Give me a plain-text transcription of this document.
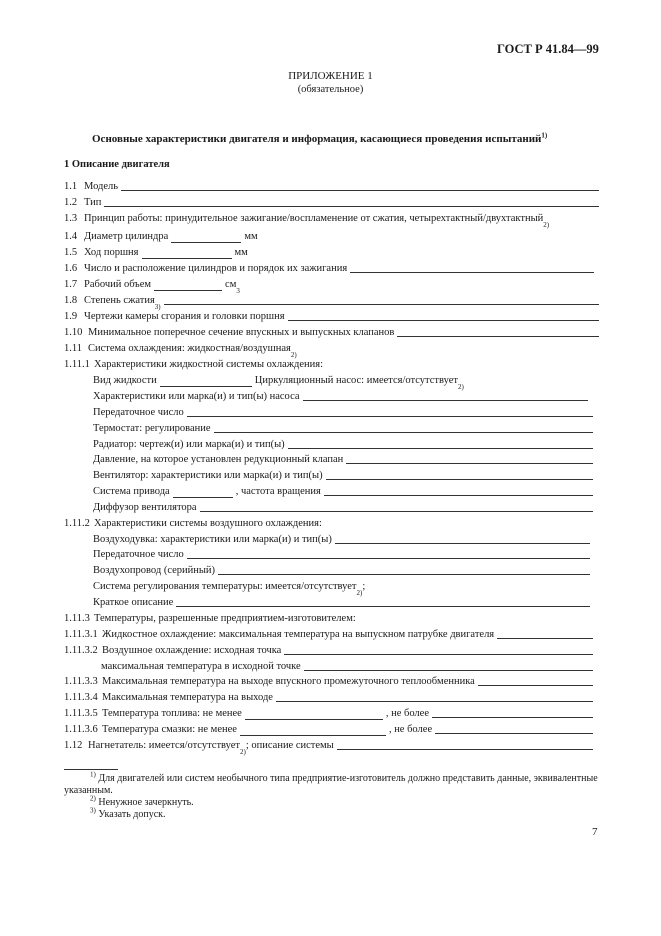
ГОСТ Р 41.84—99
ПРИЛОЖЕНИЕ 1
(обязательное)
Основные характеристики двигателя и информация, касающиеся проведения испытаний$^{1)}$
1 Описание двигателя
1.1 Модель
1.2 Тип
1.3 Принцип работы: принудительное зажигание/воспламенение от сжатия, четырехтактный/двухтактный
2)
1.4 Диаметр цилиндра	мм
1.5 Ход поршня	мм
1.6 Число и расположение цилиндров и порядок их зажигания
1.7 Рабочий объем	см
3
1.8 Степень сжатия
3)
1.9 Чертежи камеры сгорания и головки поршня
1.10 Минимальное поперечное сечение впускных и выпускных клапанов
1.11 Система охлаждения: жидкостная/воздушная
2)
1.11.1 Характеристики жидкостной системы охлаждения:
Вид жидкости	Циркуляционный насос: имеется/отсутствует
2)
Характеристики или марка(и) и тип(ы) насоса
Передаточное число
Термостат: регулирование
Радиатор: чертеж(и) или марка(и) и тип(ы)
Давление, на которое установлен редукционный клапан
Вентилятор: характеристики или марка(и) и тип(ы)
Система привода	, частота вращения
Диффузор вентилятора
1.11.2 Характеристики системы воздушного охлаждения:
Воздуходувка: характеристики или марка(и) и тип(ы)
Передаточное число
Воздухопровод (серийный)
Система регулирования температуры: имеется/отсутствует
2)
;
Краткое описание
1.11.3 Температуры, разрешенные предприятием-изготовителем:
1.11.3.1 Жидкостное охлаждение: максимальная температура на выпускном патрубке двигателя
1.11.3.2 Воздушное охлаждение: исходная точка
максимальная температура в исходной точке
1.11.3.3 Максимальная температура на выходе впускного промежуточного теплообменника
1.11.3.4 Максимальная температура на выходе
1.11.3.5 Температура топлива: не менее	, не более
1.11.3.6 Температура смазки: не менее	, не более
1.12 Нагнетатель: имеется/отсутствует
2)
; описание системы
$^{1)}$ Для двигателей или систем необычного типа предприятие-изготовитель должно представить данные, эквивалентные указанным.
$^{2)}$ Ненужное зачеркнуть.
$^{3)}$ Указать допуск.
7
